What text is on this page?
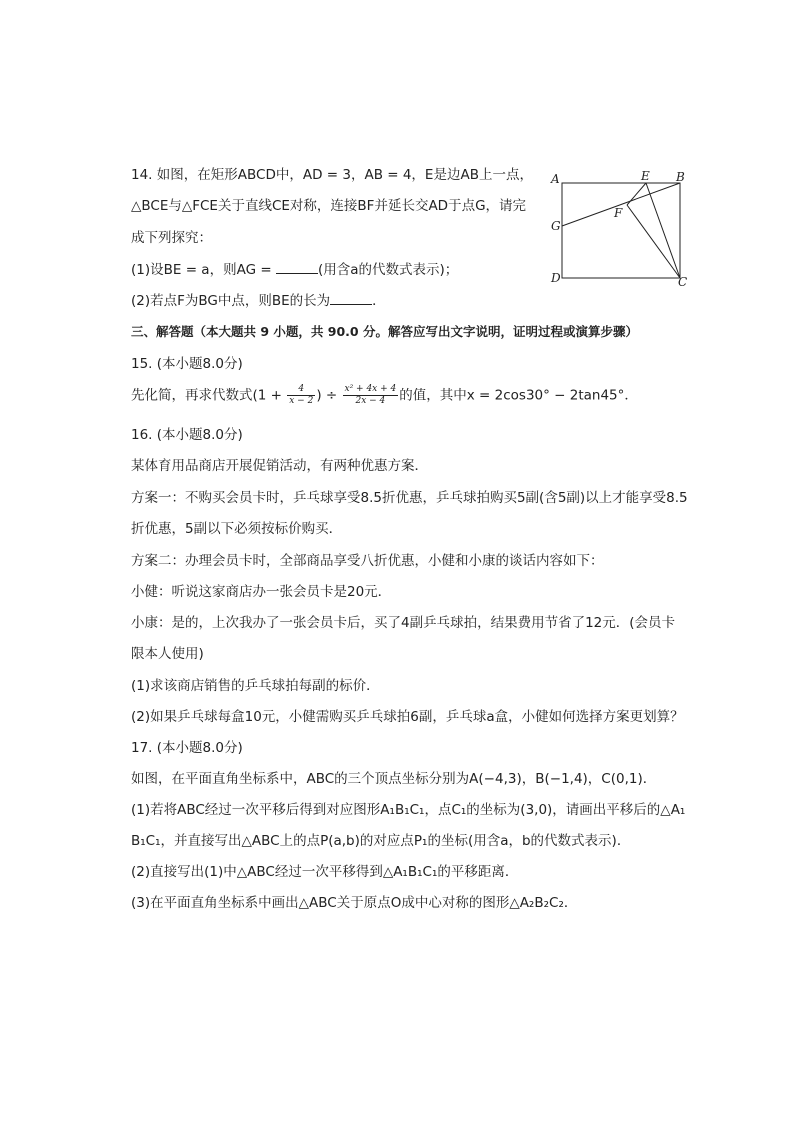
14. 如图，在矩形ABCD中，AD = 3，AB = 4，E是边AB上一点，
△BCE与△FCE关于直线CE对称，连接BF并延长交AD于点G，请完
成下列探究：
(1)设BE = a，则AG =	(用含a的代数式表示)；
(2)若点F为BG中点，则BE的长为	．
A	E B
F
G
D	C
三、解答题（本大题共 9 小题，共 90.0 分。解答应写出文字说明，证明过程或演算步骤）
15. (本小题8.0分)
先化简，再求代数式($1 + \frac{4}{x - 2}$ ) ÷ $\frac{\text{x² + 4x + 4}}{2x - 4}$ 的值，其中x = 2cos30° − 2tan45°．
16. (本小题8.0分)
某体育用品商店开展促销活动，有两种优惠方案．
方案一：不购买会员卡时，乒乓球享受8.5折优惠，乒乓球拍购买5副(含5副)以上才能享受8.5
折优惠，5副以下必须按标价购买．
方案二：办理会员卡时，全部商品享受八折优惠，小健和小康的谈话内容如下：
小健：听说这家商店办一张会员卡是20元．
小康：是的，上次我办了一张会员卡后，买了4副乒乓球拍，结果费用节省了12元．(会员卡
限本人使用)
(1)求该商店销售的乒乓球拍每副的标价．
(2)如果乒乓球每盒10元，小健需购买乒乓球拍6副，乒乓球a盒，小健如何选择方案更划算？
17. (本小题8.0分)
如图，在平面直角坐标系中，ABC的三个顶点坐标分别为A(−4,3)，B(−1,4)，C(0,1)．
(1)若将ABC经过一次平移后得到对应图形A₁B₁C₁，点C₁的坐标为(3,0)，请画出平移后的△A₁
B₁C₁，并直接写出△ABC上的点P(a,b)的对应点P₁的坐标(用含a，b的代数式表示)．
(2)直接写出(1)中△ABC经过一次平移得到△A₁B₁C₁的平移距离．
(3)在平面直角坐标系中画出△ABC关于原点O成中心对称的图形△A₂B₂C₂．
